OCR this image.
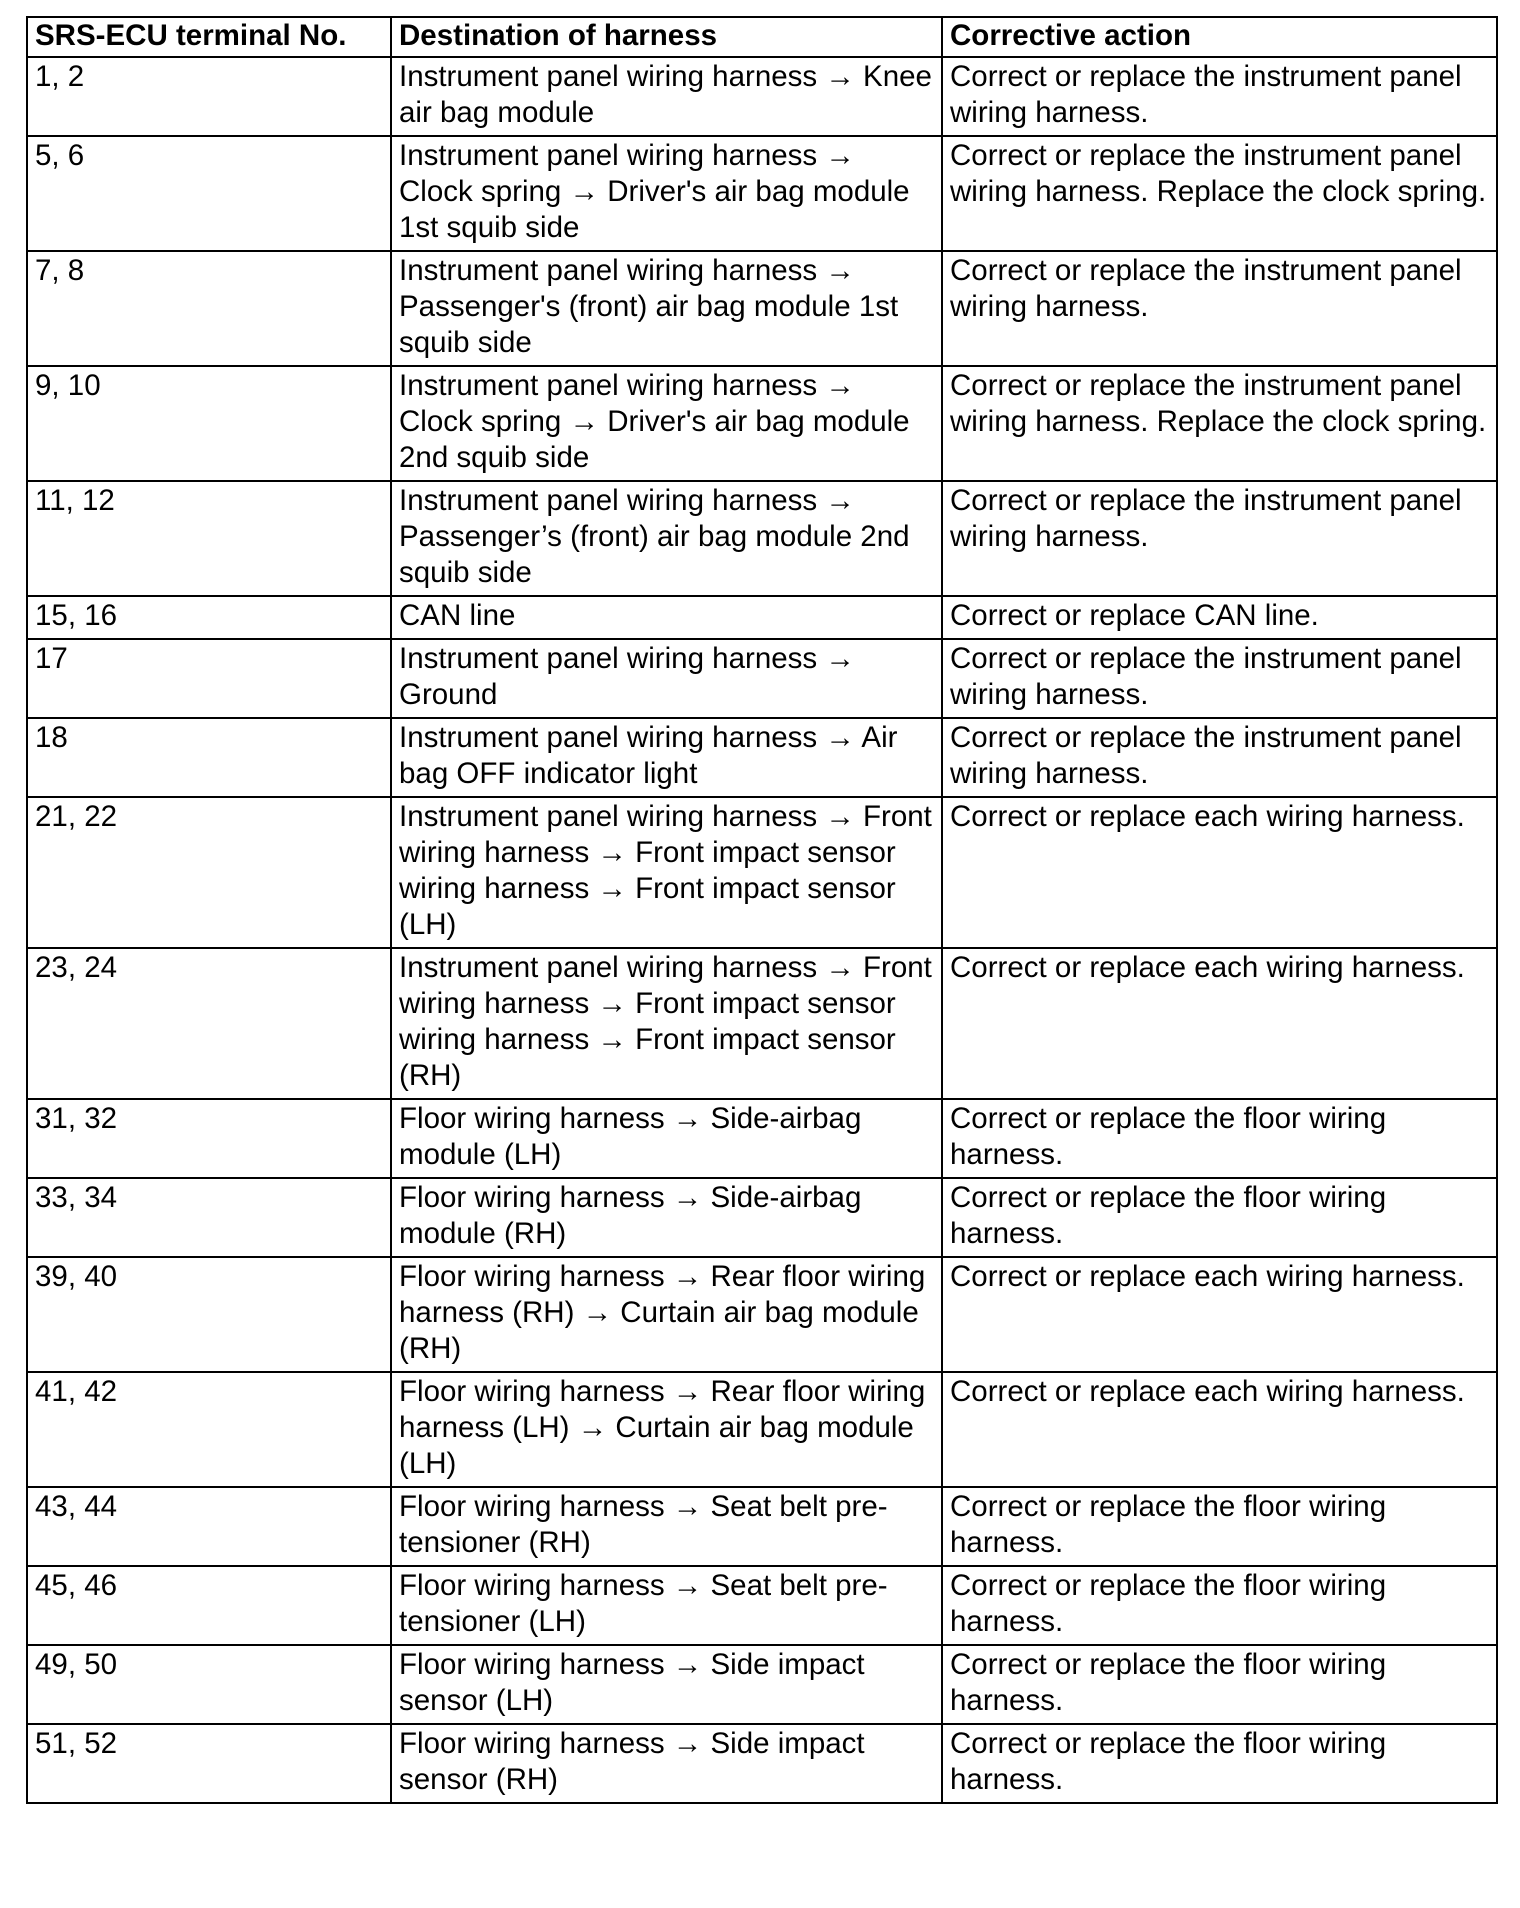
SRS-ECU terminal No.	Destination of harness	Corrective action
1, 2	Instrument panel wiring harness → Knee air bag module	Correct or replace the instrument panel wiring harness.
5, 6	Instrument panel wiring harness → Clock spring → Driver's air bag module 1st squib side	Correct or replace the instrument panel wiring harness. Replace the clock spring.
7, 8	Instrument panel wiring harness → Passenger's (front) air bag module 1st squib side	Correct or replace the instrument panel wiring harness.
9, 10	Instrument panel wiring harness → Clock spring → Driver's air bag module 2nd squib side	Correct or replace the instrument panel wiring harness. Replace the clock spring.
11, 12	Instrument panel wiring harness → Passenger’s (front) air bag module 2nd squib side	Correct or replace the instrument panel wiring harness.
15, 16	CAN line	Correct or replace CAN line.
17	Instrument panel wiring harness → Ground	Correct or replace the instrument panel wiring harness.
18	Instrument panel wiring harness → Air bag OFF indicator light	Correct or replace the instrument panel wiring harness.
21, 22	Instrument panel wiring harness → Front wiring harness → Front impact sensor wiring harness → Front impact sensor (LH)	Correct or replace each wiring harness.
23, 24	Instrument panel wiring harness → Front wiring harness → Front impact sensor wiring harness → Front impact sensor (RH)	Correct or replace each wiring harness.
31, 32	Floor wiring harness → Side-airbag module (LH)	Correct or replace the floor wiring harness.
33, 34	Floor wiring harness → Side-airbag module (RH)	Correct or replace the floor wiring harness.
39, 40	Floor wiring harness → Rear floor wiring harness (RH) → Curtain air bag module (RH)	Correct or replace each wiring harness.
41, 42	Floor wiring harness → Rear floor wiring harness (LH) → Curtain air bag module (LH)	Correct or replace each wiring harness.
43, 44	Floor wiring harness → Seat belt pre-tensioner (RH)	Correct or replace the floor wiring harness.
45, 46	Floor wiring harness → Seat belt pre-tensioner (LH)	Correct or replace the floor wiring harness.
49, 50	Floor wiring harness → Side impact sensor (LH)	Correct or replace the floor wiring harness.
51, 52	Floor wiring harness → Side impact sensor (RH)	Correct or replace the floor wiring harness.
